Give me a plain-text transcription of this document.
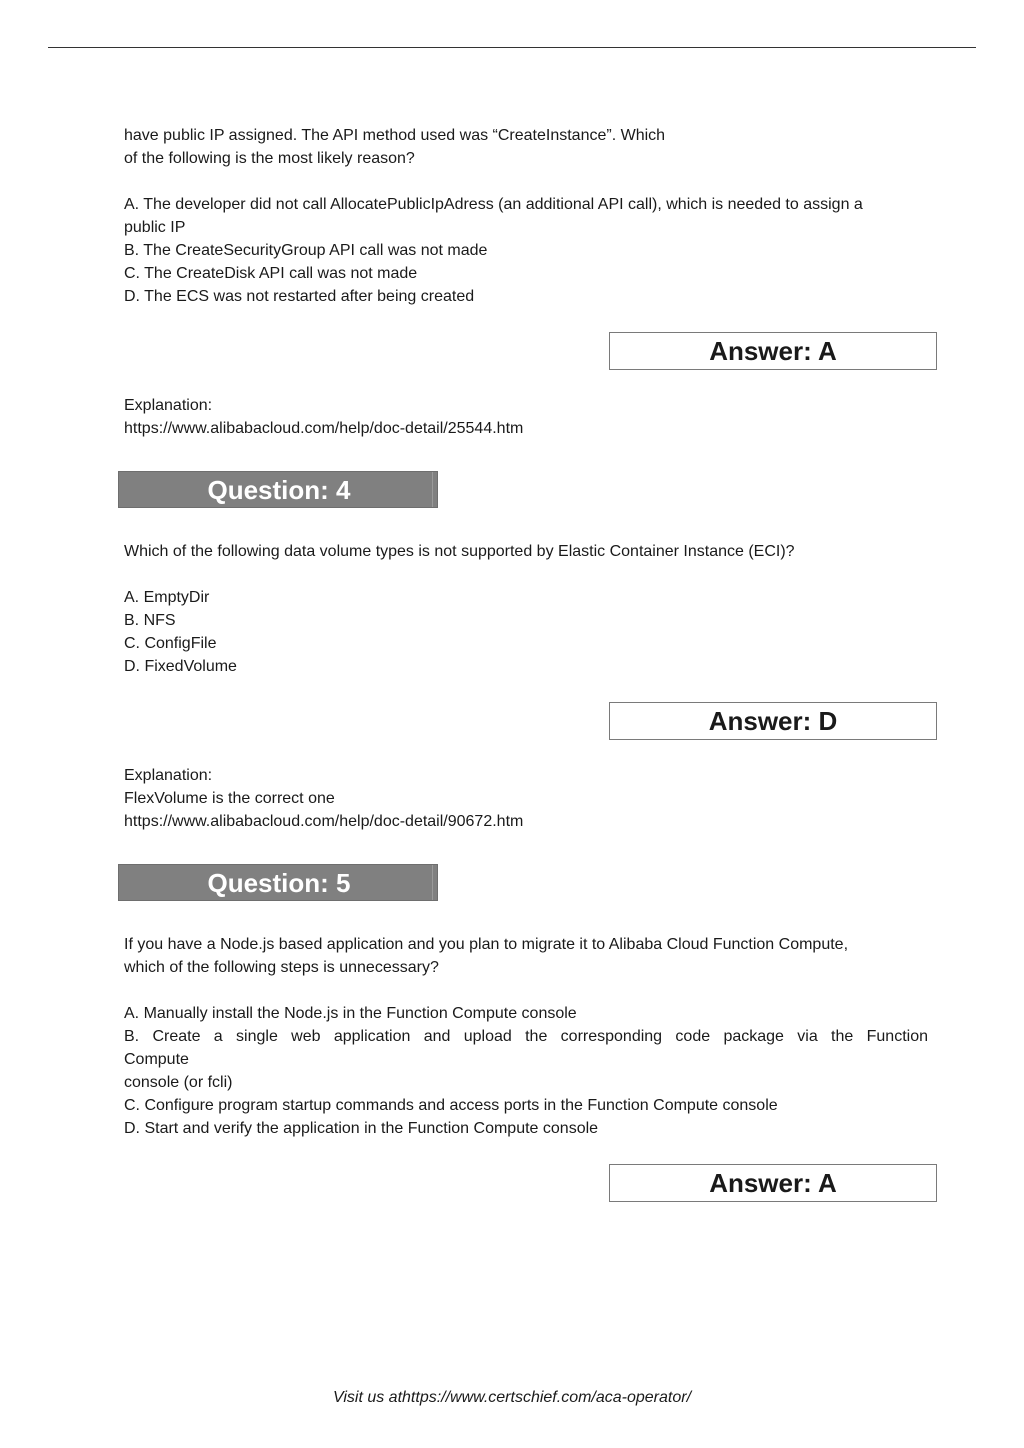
have public IP assigned. The API method used was “CreateInstance”. Which
of the following is the most likely reason?
A. The developer did not call AllocatePublicIpAdress (an additional API call), which is needed to assign a
public IP
B. The CreateSecurityGroup API call was not made
C. The CreateDisk API call was not made
D. The ECS was not restarted after being created
Answer: A
Explanation:
https://www.alibabacloud.com/help/doc-detail/25544.htm
Question: 4
Which of the following data volume types is not supported by Elastic Container Instance (ECI)?
A. EmptyDir
B. NFS
C. ConfigFile
D. FixedVolume
Answer: D
Explanation:
FlexVolume is the correct one
https://www.alibabacloud.com/help/doc-detail/90672.htm
Question: 5
If you have a Node.js based application and you plan to migrate it to Alibaba Cloud Function Compute,
which of the following steps is unnecessary?
A. Manually install the Node.js in the Function Compute console
B. Create a single web application and upload the corresponding code package via the Function
Compute
console (or fcli)
C. Configure program startup commands and access ports in the Function Compute console
D. Start and verify the application in the Function Compute console
Answer: A
Visit us athttps://www.certschief.com/aca-operator/
